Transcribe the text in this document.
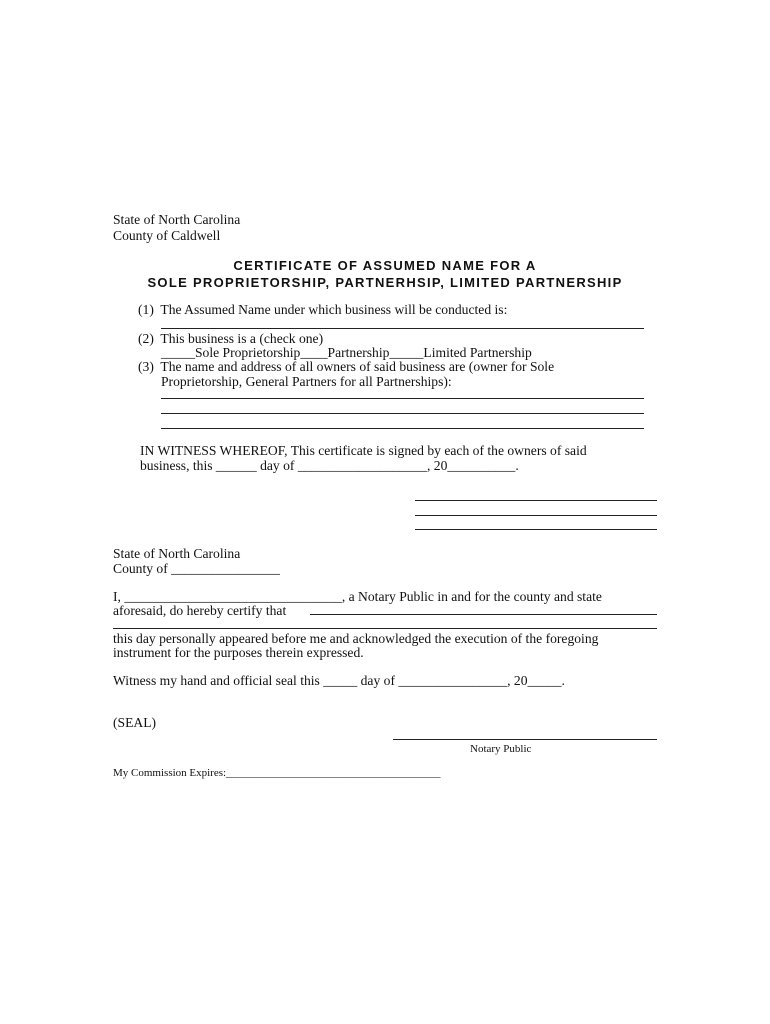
State of North Carolina
County of Caldwell
CERTIFICATE OF ASSUMED NAME FOR A
SOLE PROPRIETORSHIP, PARTNERHSIP, LIMITED PARTNERSHIP
(1)  The Assumed Name under which business will be conducted is:
(2)  This business is a (check one)
_____Sole Proprietorship____Partnership_____Limited Partnership
(3)  The name and address of all owners of said business are (owner for Sole
Proprietorship, General Partners for all Partnerships):
IN WITNESS WHEREOF, This certificate is signed by each of the owners of said
business, this ______ day of ___________________, 20__________.
State of North Carolina
County of ________________
I, ________________________________, a Notary Public in and for the county and state
aforesaid, do hereby certify that
this day personally appeared before me and acknowledged the execution of the foregoing
instrument for the purposes therein expressed.
Witness my hand and official seal this _____ day of ________________, 20_____.
(SEAL)
Notary Public
My Commission Expires:_______________________________________
